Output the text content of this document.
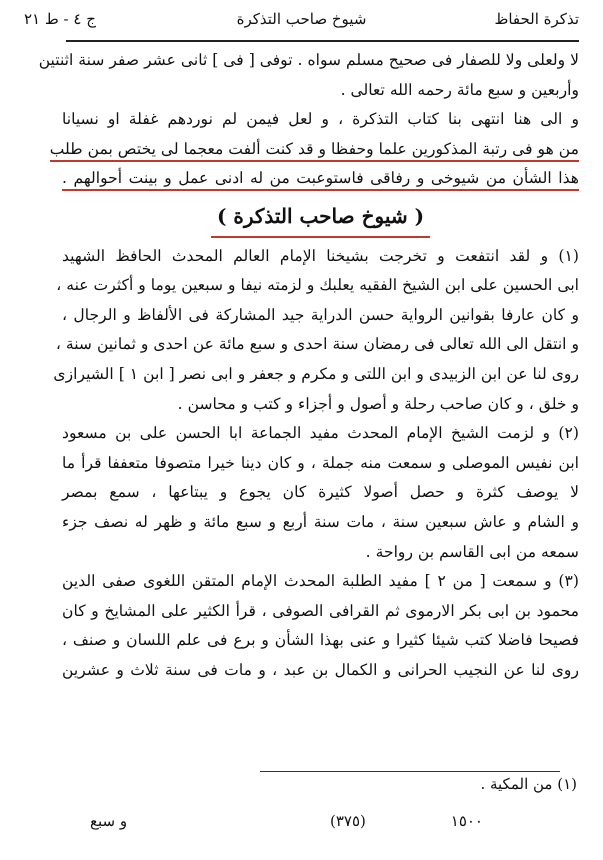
تذكرة الحفاظ
شيوخ صاحب التذكرة
ج ٤ - ط ٢١

لا ولعلى ولا للصفار فى صحيح مسلم سواه . توفى [ فى ] ثانى عشر صفر سنة اثنتين
وأربعين و سبع مائة رحمه الله تعالى .

و الى هنا انتهى بنا كتاب التذكرة ، و لعل فيمن لم نوردهم غفلة او نسيانا
من هو فى رتبة المذكورين علما وحفظا و قد كنت ألفت معجما لى يختص بمن طلب
هذا الشأن من شيوخى و رفاقى فاستوعبت من له ادنى عمل و بينت أحوالهم .

( شيوخ صاحب التذكرة )

(١) و لقد انتفعت و تخرجت بشيخنا الإمام العالم المحدث الحافظ الشهيد
ابى الحسين على ابن الشيخ الفقيه يعلبك و لزمته نيفا و سبعين يوما و أكثرت عنه ،
و كان عارفا بقوانين الرواية حسن الدراية جيد المشاركة فى الألفاظ و الرجال ،
و انتقل الى الله تعالى فى رمضان سنة احدى و سبع مائة عن احدى و ثمانين سنة ،
روى لنا عن ابن الزبيدى و ابن اللتى و مكرم و جعفر و ابى نصر [ ابن ١ ] الشيرازى
و خلق ، و كان صاحب رحلة و أصول و أجزاء و كتب و محاسن .

(٢) و لزمت الشيخ الإمام المحدث مفيد الجماعة ابا الحسن على بن مسعود
ابن نفيس الموصلى و سمعت منه جملة ، و كان دينا خيرا متصوفا متعففا قرأ ما
لا يوصف كثرة و حصل أصولا كثيرة كان يجوع و يبتاعها ، سمع بمصر
و الشام و عاش سبعين سنة ، مات سنة أربع و سبع مائة و ظهر له نصف جزء
سمعه من ابى القاسم بن رواحة .

(٣) و سمعت [ من ٢ ] مفيد الطلبة المحدث الإمام المتقن اللغوى صفى الدين
محمود بن ابى بكر الارموى ثم القرافى الصوفى ، قرأ الكثير على المشايخ و كان
فصيحا فاضلا كتب شيئا كثيرا و عنى بهذا الشأن و برع فى علم اللسان و صنف ،
روى لنا عن النجيب الحرانى و الكمال بن عبد ، و مات فى سنة ثلاث و عشرين

(١) من المكية .
١٥٠٠
(٣٧٥)
و سبع
